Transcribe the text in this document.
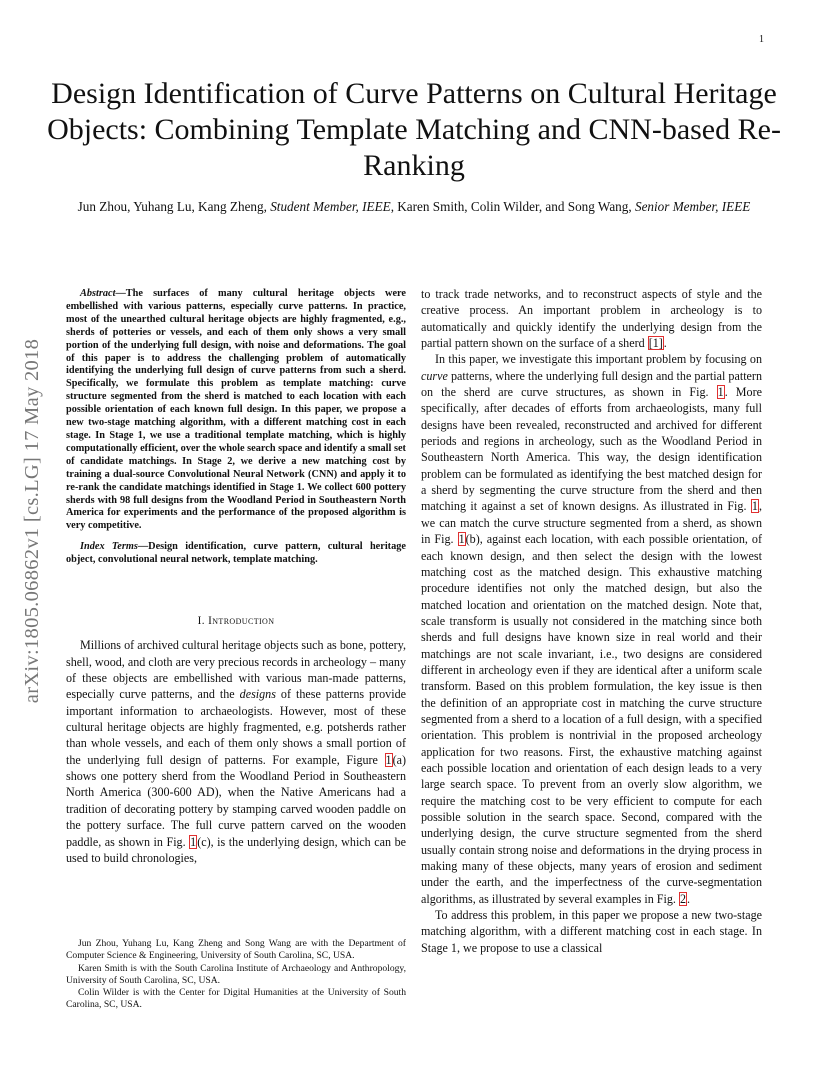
1
Design Identification of Curve Patterns on Cultural Heritage Objects: Combining Template Matching and CNN-based Re-Ranking
Jun Zhou, Yuhang Lu, Kang Zheng, Student Member, IEEE, Karen Smith, Colin Wilder, and Song Wang, Senior Member, IEEE
arXiv:1805.06862v1 [cs.LG] 17 May 2018
Abstract—The surfaces of many cultural heritage objects were embellished with various patterns, especially curve patterns. In practice, most of the unearthed cultural heritage objects are highly fragmented, e.g., sherds of potteries or vessels, and each of them only shows a very small portion of the underlying full design, with noise and deformations. The goal of this paper is to address the challenging problem of automatically identifying the underlying full design of curve patterns from such a sherd. Specifically, we formulate this problem as template matching: curve structure segmented from the sherd is matched to each location with each possible orientation of each known full design. In this paper, we propose a new two-stage matching algorithm, with a different matching cost in each stage. In Stage 1, we use a traditional template matching, which is highly computationally efficient, over the whole search space and identify a small set of candidate matchings. In Stage 2, we derive a new matching cost by training a dual-source Convolutional Neural Network (CNN) and apply it to re-rank the candidate matchings identified in Stage 1. We collect 600 pottery sherds with 98 full designs from the Woodland Period in Southeastern North America for experiments and the performance of the proposed algorithm is very competitive.
Index Terms—Design identification, curve pattern, cultural heritage object, convolutional neural network, template matching.
I. Introduction

Millions of archived cultural heritage objects such as bone, pottery, shell, wood, and cloth are very precious records in archeology – many of these objects are embellished with various man-made patterns, especially curve patterns, and the designs of these patterns provide important information to archaeologists. However, most of these cultural heritage objects are highly fragmented, e.g. potsherds rather than whole vessels, and each of them only shows a small portion of the underlying full design of patterns. For example, Figure 1(a) shows one pottery sherd from the Woodland Period in Southeastern North America (300-600 AD), when the Native Americans had a tradition of decorating pottery by stamping carved wooden paddle on the pottery surface. The full curve pattern carved on the wooden paddle, as shown in Fig. 1(c), is the underlying design, which can be used to build chronologies,

Jun Zhou, Yuhang Lu, Kang Zheng and Song Wang are with the Department of Computer Science & Engineering, University of South Carolina, SC, USA.

Karen Smith is with the South Carolina Institute of Archaeology and Anthropology, University of South Carolina, SC, USA.

Colin Wilder is with the Center for Digital Humanities at the University of South Carolina, SC, USA.

to track trade networks, and to reconstruct aspects of style and the creative process. An important problem in archeology is to automatically and quickly identify the underlying design from the partial pattern shown on the surface of a sherd [1].

In this paper, we investigate this important problem by focusing on curve patterns, where the underlying full design and the partial pattern on the sherd are curve structures, as shown in Fig. 1. More specifically, after decades of efforts from archaeologists, many full designs have been revealed, reconstructed and archived for different periods and regions in archeology, such as the Woodland Period in Southeastern North America. This way, the design identification problem can be formulated as identifying the best matched design for a sherd by segmenting the curve structure from the sherd and then matching it against a set of known designs. As illustrated in Fig. 1, we can match the curve structure segmented from a sherd, as shown in Fig. 1(b), against each location, with each possible orientation, of each known design, and then select the design with the lowest matching cost as the matched design. This exhaustive matching procedure identifies not only the matched design, but also the matched location and orientation on the matched design. Note that, scale transform is usually not considered in the matching since both sherds and full designs have known size in real world and their matchings are not scale invariant, i.e., two designs are considered different in archeology even if they are identical after a uniform scale transform. Based on this problem formulation, the key issue is then the definition of an appropriate cost in matching the curve structure segmented from a sherd to a location of a full design, with a specified orientation. This problem is nontrivial in the proposed archeology application for two reasons. First, the exhaustive matching against each possible location and orientation of each design leads to a very large search space. To prevent from an overly slow algorithm, we require the matching cost to be very efficient to compute for each possible solution in the search space. Second, compared with the underlying design, the curve structure segmented from the sherd usually contain strong noise and deformations in the drying process in making many of these objects, many years of erosion and sediment under the earth, and the imperfectness of the curve-segmentation algorithms, as illustrated by several examples in Fig. 2.

To address this problem, in this paper we propose a new two-stage matching algorithm, with a different matching cost in each stage. In Stage 1, we propose to use a classical
